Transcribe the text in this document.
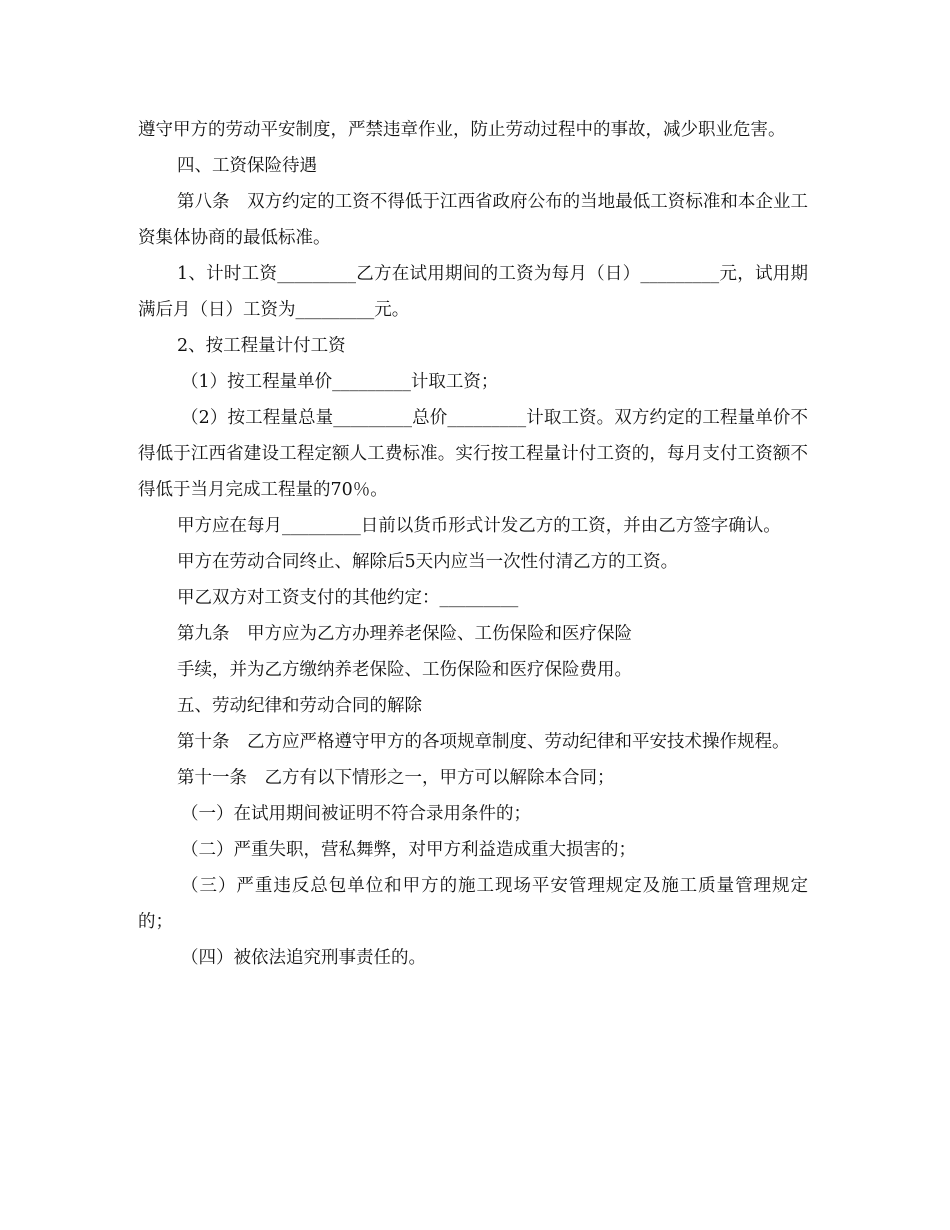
遵守甲方的劳动平安制度，严禁违章作业，防止劳动过程中的事故，减少职业危害。

四、工资保险待遇

第八条　双方约定的工资不得低于江西省政府公布的当地最低工资标准和本企业工资集体协商的最低标准。

1、计时工资_________乙方在试用期间的工资为每月（日）_________元，试用期满后月（日）工资为_________元。

2、按工程量计付工资

（1）按工程量单价_________计取工资；

（2）按工程量总量_________总价_________计取工资。双方约定的工程量单价不得低于江西省建设工程定额人工费标准。实行按工程量计付工资的，每月支付工资额不得低于当月完成工程量的70％。

甲方应在每月_________日前以货币形式计发乙方的工资，并由乙方签字确认。

甲方在劳动合同终止、解除后5天内应当一次性付清乙方的工资。

甲乙双方对工资支付的其他约定：_________

第九条　甲方应为乙方办理养老保险、工伤保险和医疗保险

手续，并为乙方缴纳养老保险、工伤保险和医疗保险费用。

五、劳动纪律和劳动合同的解除

第十条　乙方应严格遵守甲方的各项规章制度、劳动纪律和平安技术操作规程。

第十一条　乙方有以下情形之一，甲方可以解除本合同；

（一）在试用期间被证明不符合录用条件的；

（二）严重失职，营私舞弊，对甲方利益造成重大损害的；

（三）严重违反总包单位和甲方的施工现场平安管理规定及施工质量管理规定的；

（四）被依法追究刑事责任的。
